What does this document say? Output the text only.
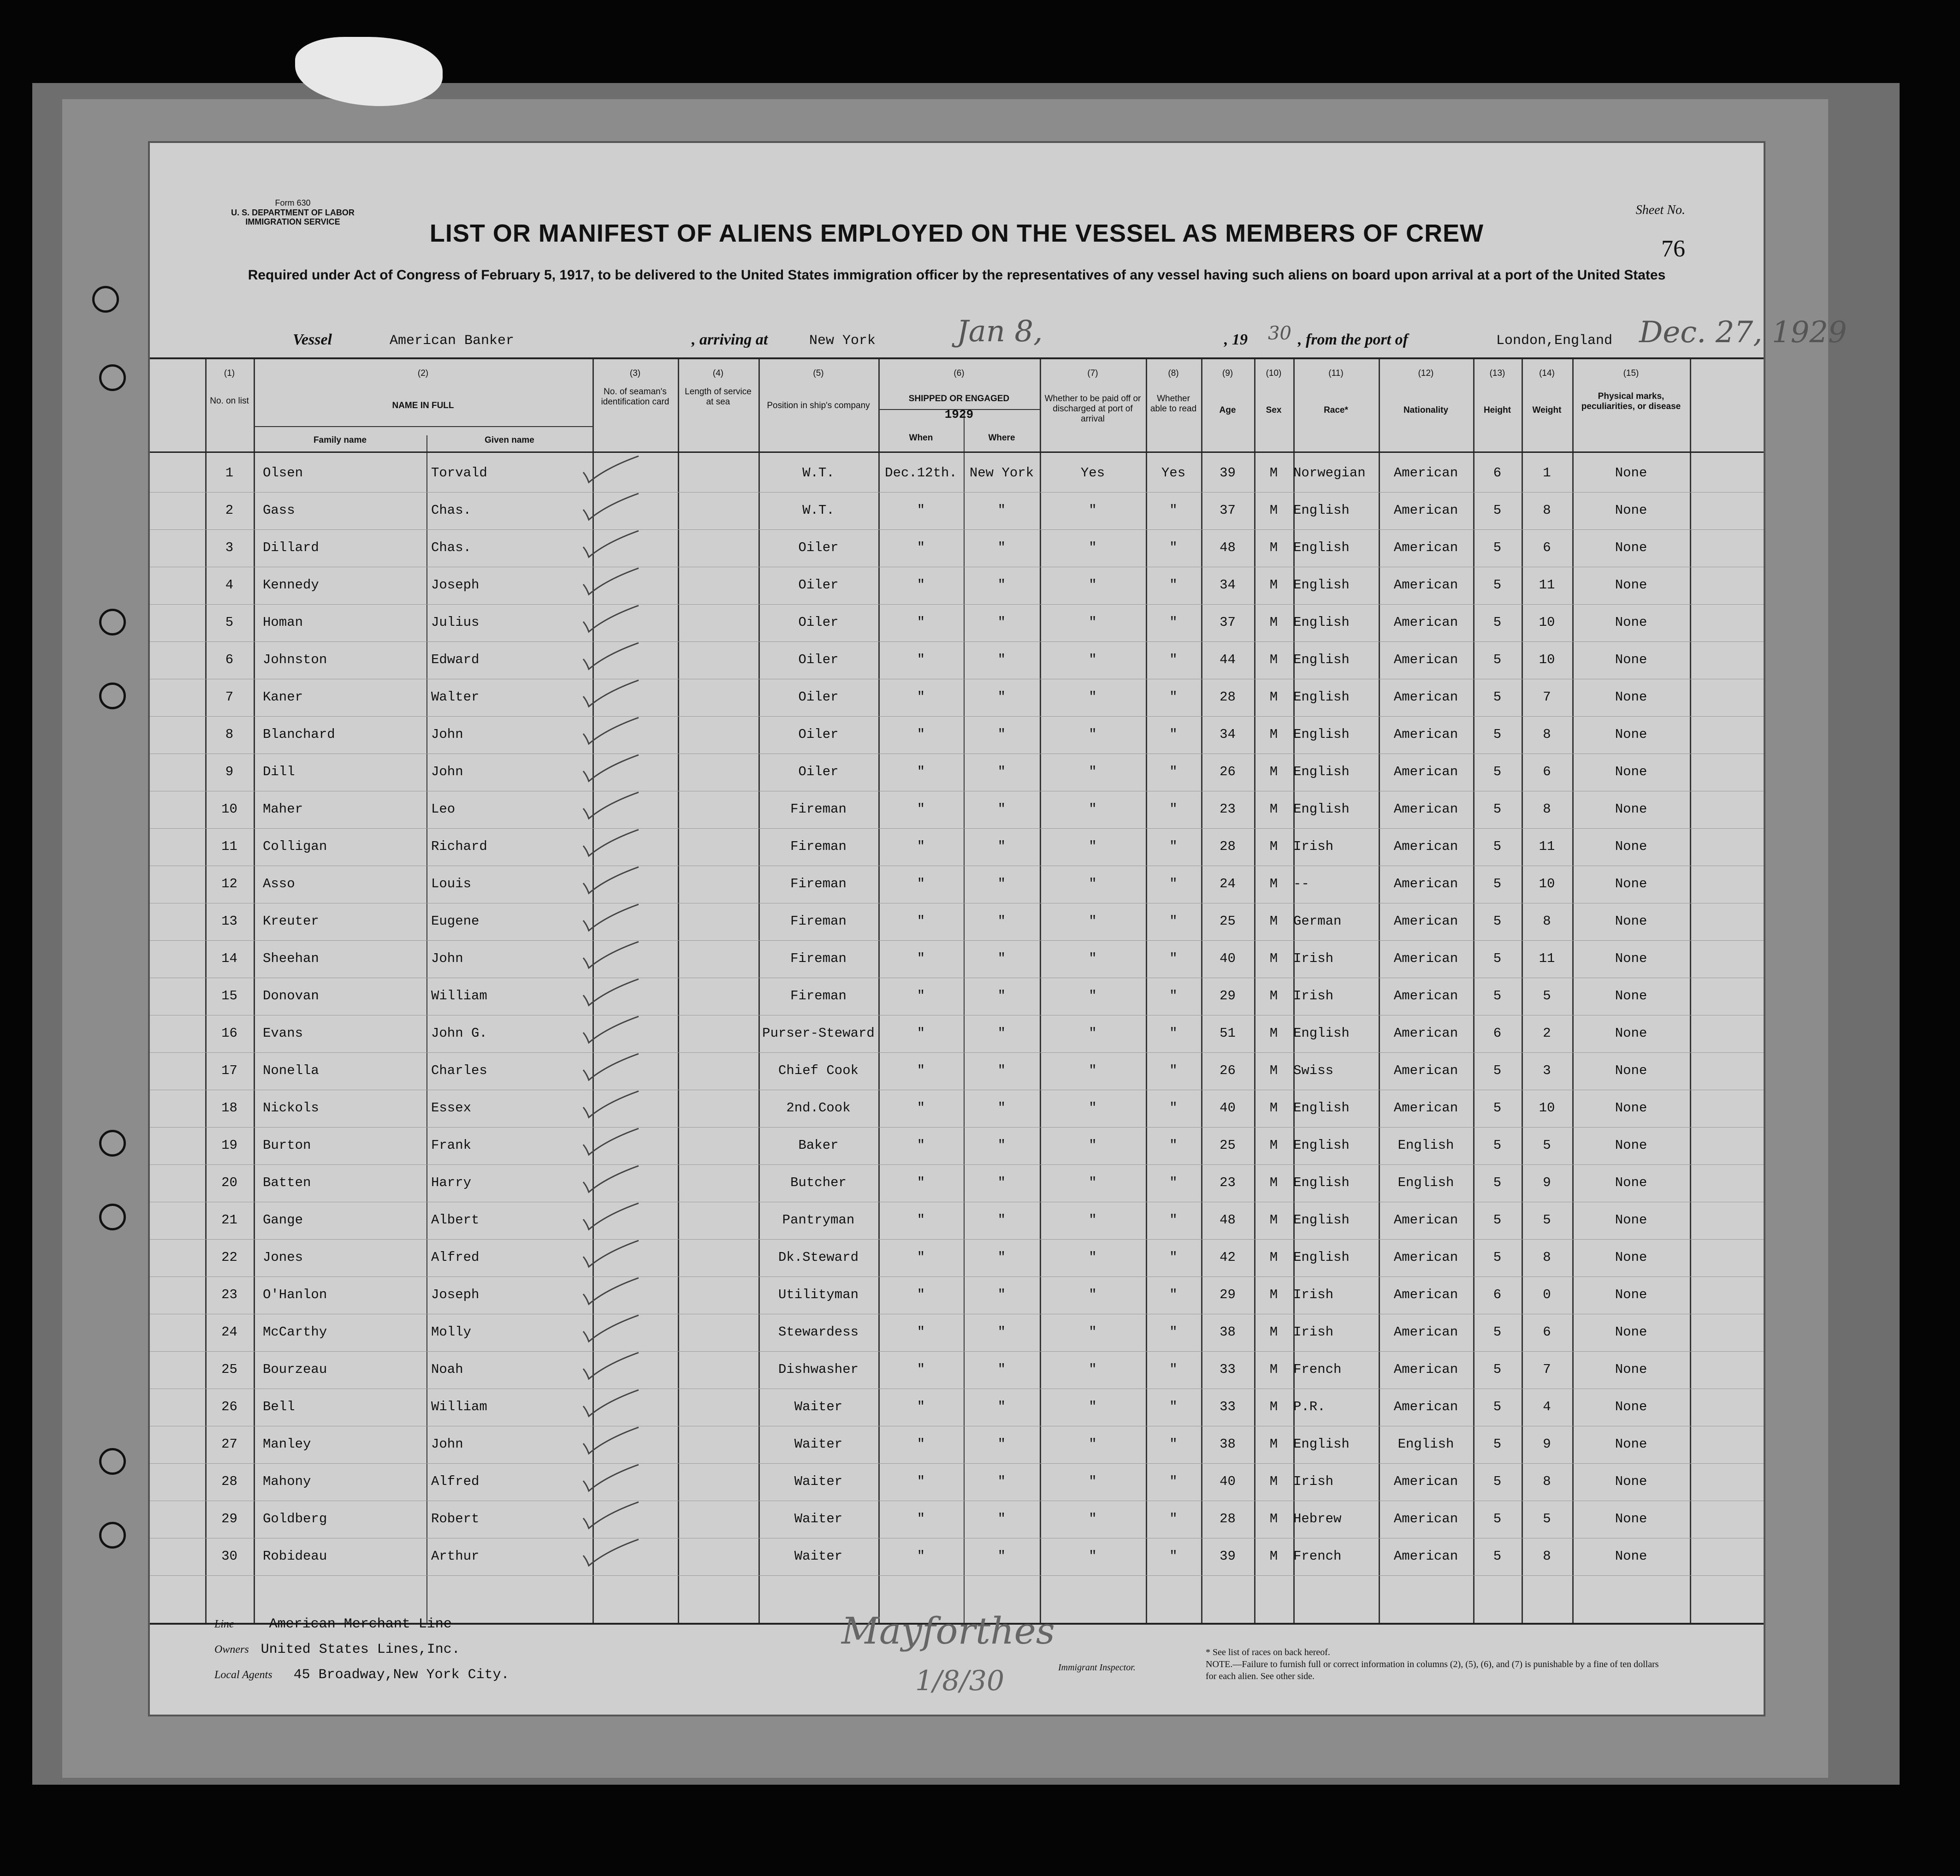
Form 630
U. S. DEPARTMENT OF LABOR
IMMIGRATION SERVICE
Sheet No.
76
LIST OR MANIFEST OF ALIENS EMPLOYED ON THE VESSEL AS MEMBERS OF CREW
Required under Act of Congress of February 5, 1917, to be delivered to the United States immigration officer by the representatives of any vessel having such aliens on board upon arrival at a port of the United States
Vessel	American Banker	, arriving at	New York	Jan 8,	, 19 30 , from the port of	London,England Dec. 27, 1929
(1)	(2)	(3)	(4)	(5)	(6)	(7)	(8)	(9)	(10)	(11)	(12)	(13)	(14)	(15)
No. on list	NAME IN FULL
Family name	Given name
No. of seaman's identification card
Length of service at sea	Position in ship's company
SHIPPED OR ENGAGED
1929
When	Where
Whether to be paid off or discharged at port of arrival
Whether able to read	Age	Sex	Race*	Nationality	Height	Weight
Physical marks, peculiarities, or disease
1	Olsen	Torvald	W.T.	Dec.12th. New York	Yes	Yes	39	M	Norwegian	American	6	1	None
2	Gass	Chas.	W.T.	"	"	"	"	37	M	English	American	5	8	None
3	Dillard	Chas.	Oiler	"	"	"	"	48	M	English	American	5	6	None
4	Kennedy	Joseph	Oiler	"	"	"	"	34	M	English	American	5	11	None
5	Homan	Julius	Oiler	"	"	"	"	37	M	English	American	5	10	None
6	Johnston	Edward	Oiler	"	"	"	"	44	M	English	American	5	10	None
7	Kaner	Walter	Oiler	"	"	"	"	28	M	English	American	5	7	None
8	Blanchard	John	Oiler	"	"	"	"	34	M	English	American	5	8	None
9	Dill	John	Oiler	"	"	"	"	26	M	English	American	5	6	None
10	Maher	Leo	Fireman	"	"	"	"	23	M	English	American	5	8	None
11	Colligan	Richard	Fireman	"	"	"	"	28	M	Irish	American	5	11	None
12	Asso	Louis	Fireman	"	"	"	"	24	M	--	American	5	10	None
13	Kreuter	Eugene	Fireman	"	"	"	"	25	M	German	American	5	8	None
14	Sheehan	John	Fireman	"	"	"	"	40	M	Irish	American	5	11	None
15	Donovan	William	Fireman	"	"	"	"	29	M	Irish	American	5	5	None
16	Evans	John G.	Purser-Steward	"	"	"	"	51	M	English	American	6	2	None
17	Nonella	Charles	Chief Cook	"	"	"	"	26	M	Swiss	American	5	3	None
18	Nickols	Essex	2nd.Cook	"	"	"	"	40	M	English	American	5	10	None
19	Burton	Frank	Baker	"	"	"	"	25	M	English	English	5	5	None
20	Batten	Harry	Butcher	"	"	"	"	23	M	English	English	5	9	None
21	Gange	Albert	Pantryman	"	"	"	"	48	M	English	American	5	5	None
22	Jones	Alfred	Dk.Steward	"	"	"	"	42	M	English	American	5	8	None
23	O'Hanlon	Joseph	Utilityman	"	"	"	"	29	M	Irish	American	6	0	None
24	McCarthy	Molly	Stewardess	"	"	"	"	38	M	Irish	American	5	6	None
25	Bourzeau	Noah	Dishwasher	"	"	"	"	33	M	French	American	5	7	None
26	Bell	William	Waiter	"	"	"	"	33	M	P.R.	American	5	4	None
27	Manley	John	Waiter	"	"	"	"	38	M	English	English	5	9	None
28	Mahony	Alfred	Waiter	"	"	"	"	40	M	Irish	American	5	8	None
29	Goldberg	Robert	Waiter	"	"	"	"	28	M	Hebrew	American	5	5	None
30	Robideau	Arthur	Waiter	"	"	"	"	39	M	French	American	5	8	None
Line	American Merchant Line
Owners United States Lines,Inc.
Local Agents 45 Broadway,New York City.
Mayforthes
Immigrant Inspector.
1/8/30
* See list of races on back hereof.
NOTE.—Failure to furnish full or correct information in columns (2), (5), (6), and (7) is punishable by a fine of ten dollars for each alien. See other side.
